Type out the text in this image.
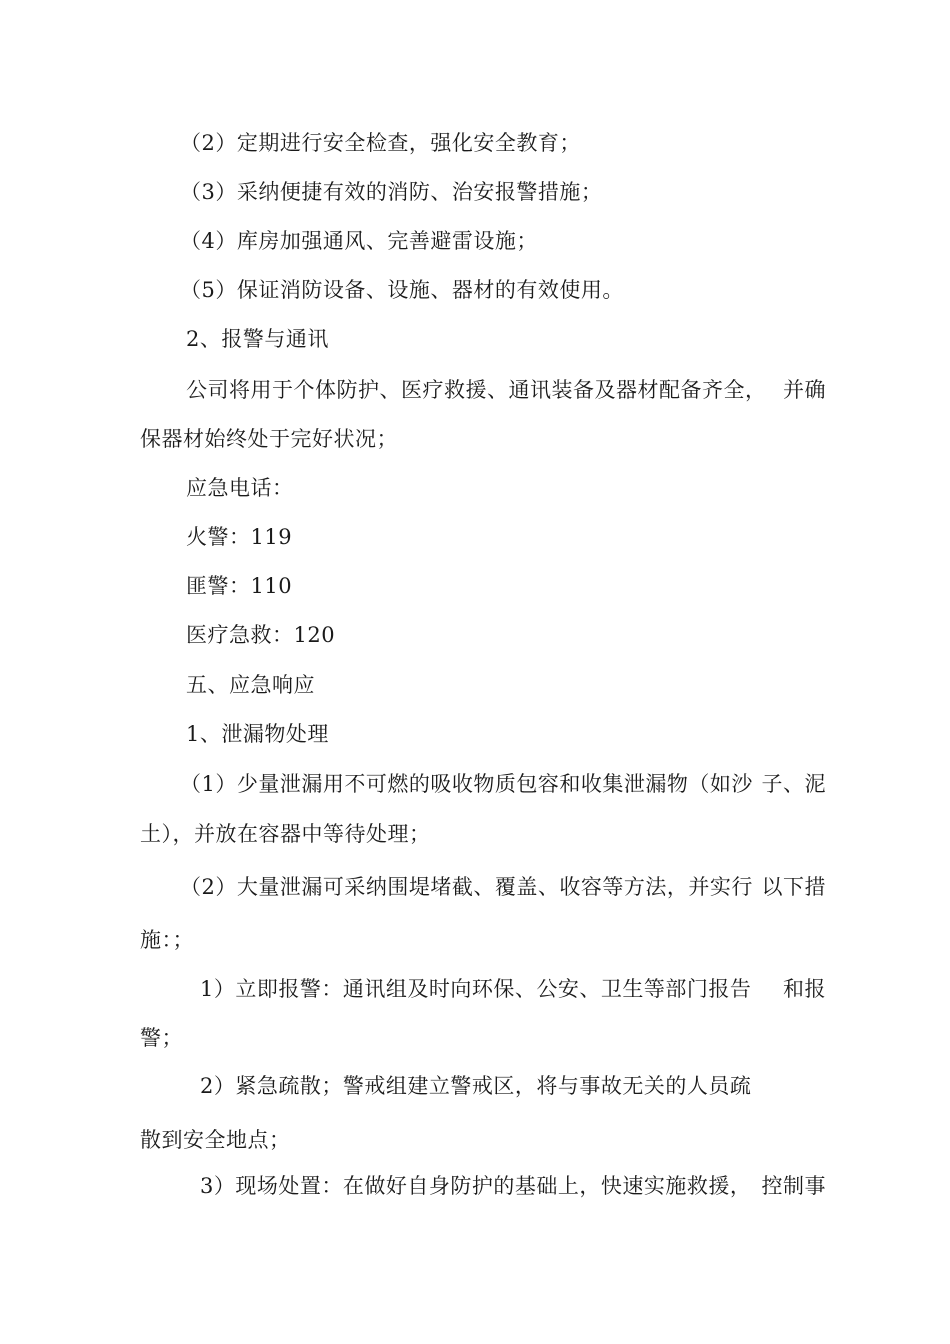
（2）定期进行安全检查，强化安全教育；
（3）采纳便捷有效的消防、治安报警措施；
（4）库房加强通风、完善避雷设施；
（5）保证消防设备、设施、器材的有效使用。
2、报警与通讯
公司将用于个体防护、医疗救援、通讯装备及器材配备齐全， 并确
保器材始终处于完好状况；
应急电话：
火警：119
匪警：110
医疗急救：120
五、应急响应
1、泄漏物处理
（1）少量泄漏用不可燃的吸收物质包容和收集泄漏物（如沙 子、泥
土），并放在容器中等待处理；
（2）大量泄漏可采纳围堤堵截、覆盖、收容等方法，并实行 以下措
施：；
1）立即报警：通讯组及时向环保、公安、卫生等部门报告 和报
警；
2）紧急疏散；警戒组建立警戒区，将与事故无关的人员疏
散到安全地点；
3）现场处置：在做好自身防护的基础上，快速实施救援， 控制事
